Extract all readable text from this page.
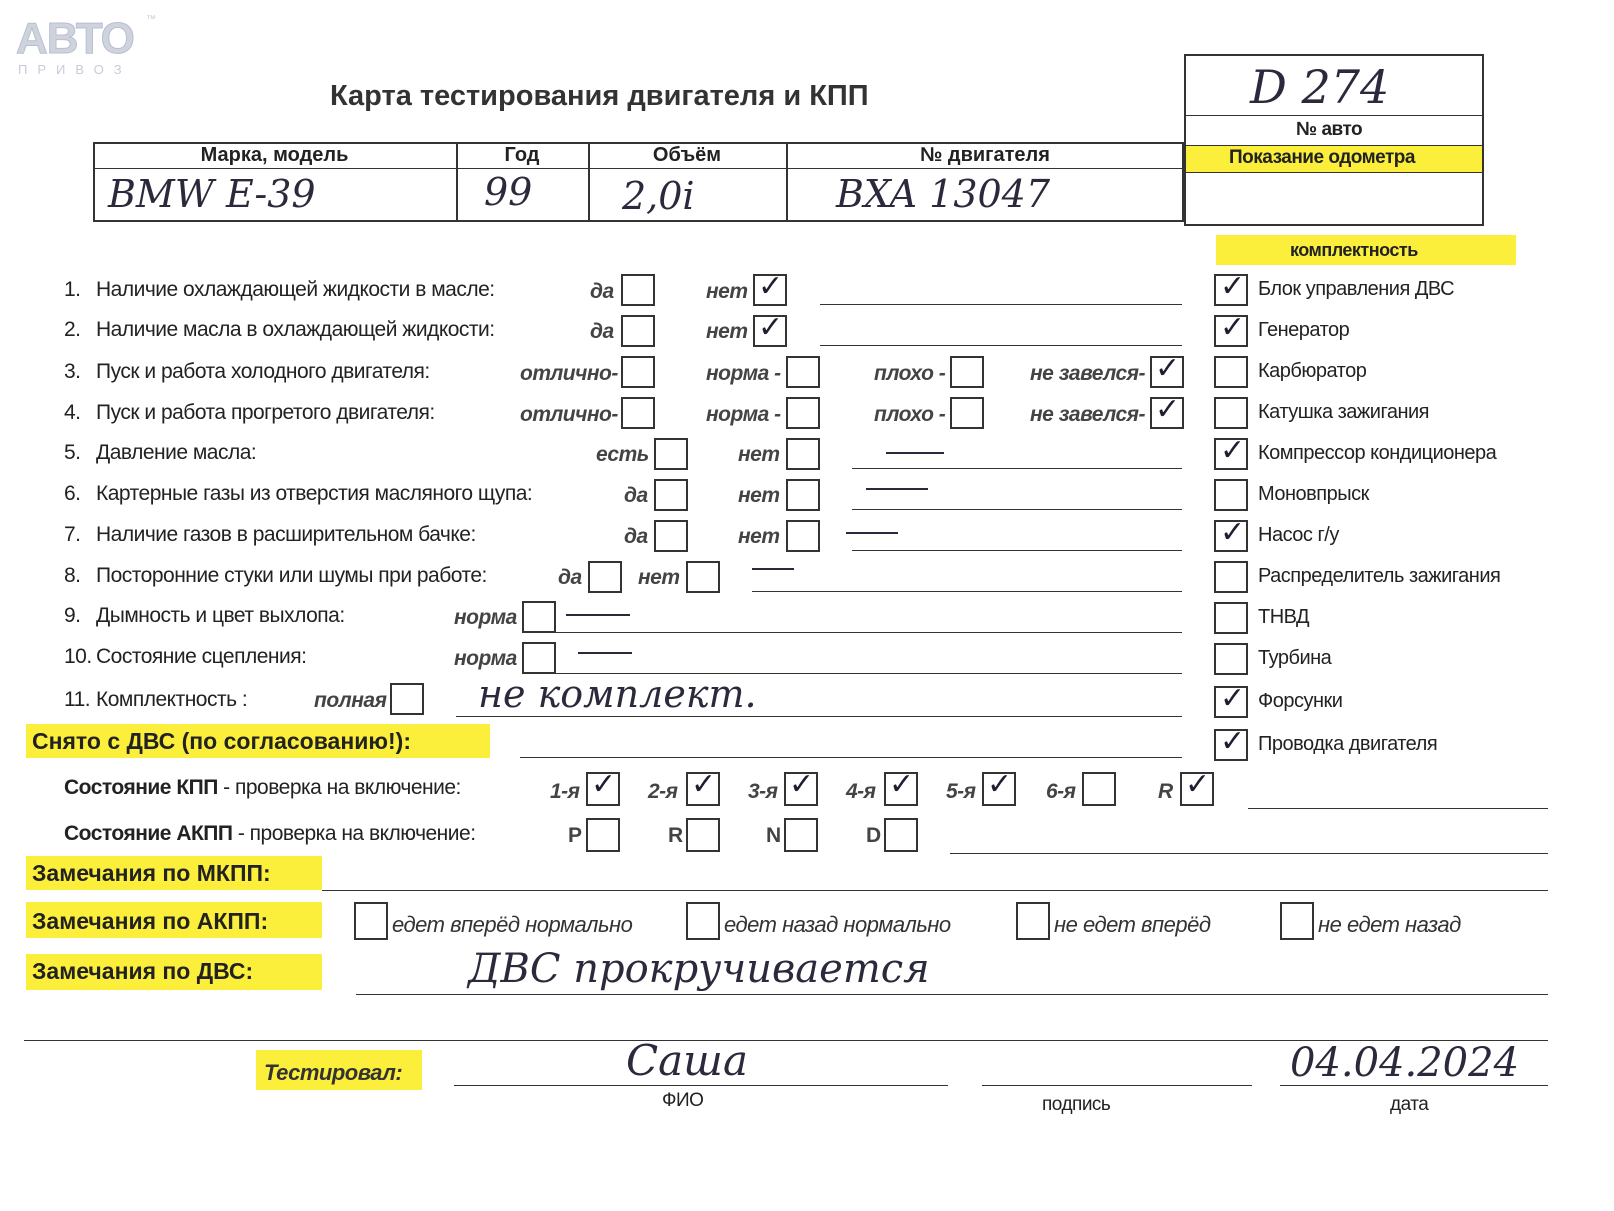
АВТО
ПРИВОЗ
™
Карта тестирования двигателя и КПП	D 274
№ авто
Показание одометра
Марка, модель	Год	Объём	№ двигателя
BMW E-39	99 2,0i	BXA 13047
комплектность
1. Наличие охлаждающей жидкости в масле:	да	нет ✓
2. Наличие масла в охлаждающей жидкости:	да	нет ✓
3. Пуск и работа холодного двигателя:	отлично-	норма -	плохо -	не завелся- ✓
4. Пуск и работа прогретого двигателя:	отлично-	норма -	плохо -	не завелся- ✓
5. Давление масла:	есть	нет
6. Картерные газы из отверстия масляного щупа:	да	нет
7. Наличие газов в расширительном бачке:	да	нет
8. Посторонние стуки или шумы при работе:	да	нет
9. Дымность и цвет выхлопа:	норма
10. Состояние сцепления:	норма
11. Комплектность :	полная не комплект.
✓ Блок управления ДВС
✓ Генератор
Карбюратор
Катушка зажигания
✓ Компрессор кондиционера
Моновпрыск
✓ Насос г/у
Распределитель зажигания
ТНВД
Турбина
✓ Форсунки
✓ Проводка двигателя
Снято с ДВС (по согласованию!):
Состояние КПП - проверка на включение:	1-я ✓ 2-я ✓ 3-я ✓ 4-я ✓ 5-я ✓ 6-я	R ✓
Состояние АКПП - проверка на включение:	P	R	N	D
Замечания по МКПП:
Замечания по АКПП:	едет вперёд нормально	едет назад нормально	не едет вперёд	не едет назад
Замечания по ДВС:	ДВС прокручивается
Тестировал:	Саша	04.04.2024
ФИО	подпись	дата
